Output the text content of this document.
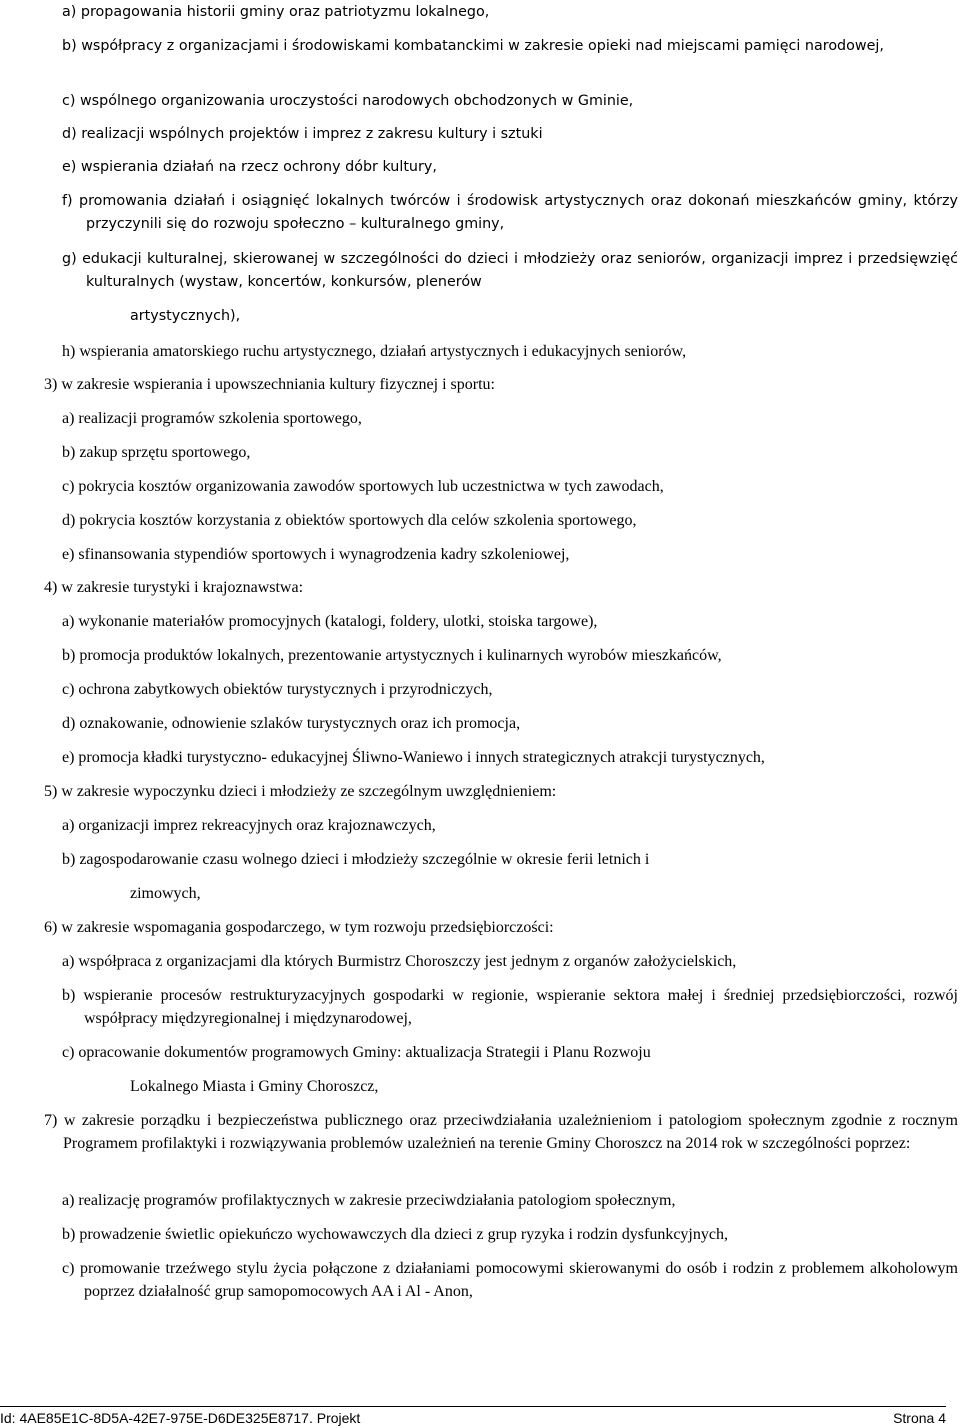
a) propagowania historii gminy oraz patriotyzmu lokalnego,

b) współpracy z organizacjami i środowiskami kombatanckimi w zakresie opieki nad miejscami pamięci narodowej,

c) wspólnego organizowania uroczystości narodowych obchodzonych w Gminie,

d) realizacji wspólnych projektów i imprez z zakresu kultury i sztuki

e) wspierania działań na rzecz ochrony dóbr kultury,

f) promowania działań i osiągnięć lokalnych twórców i środowisk artystycznych oraz dokonań mieszkańców gminy, którzy przyczynili się do rozwoju społeczno – kulturalnego gminy,

g) edukacji kulturalnej, skierowanej w szczególności do dzieci i młodzieży oraz seniorów, organizacji imprez i przedsięwzięć kulturalnych (wystaw, koncertów, konkursów, plenerów

artystycznych),

h) wspierania amatorskiego ruchu artystycznego, działań artystycznych i edukacyjnych seniorów,

3) w zakresie wspierania i upowszechniania kultury fizycznej i sportu:

a) realizacji programów szkolenia sportowego,

b) zakup sprzętu sportowego,

c) pokrycia kosztów organizowania zawodów sportowych lub uczestnictwa w tych zawodach,

d) pokrycia kosztów korzystania z obiektów sportowych dla celów szkolenia sportowego,

e) sfinansowania stypendiów sportowych i wynagrodzenia kadry szkoleniowej,

4) w zakresie turystyki i krajoznawstwa:

a) wykonanie materiałów promocyjnych (katalogi, foldery, ulotki, stoiska targowe),

b) promocja produktów lokalnych, prezentowanie artystycznych i kulinarnych wyrobów mieszkańców,

c) ochrona zabytkowych obiektów turystycznych i przyrodniczych,

d) oznakowanie, odnowienie szlaków turystycznych oraz ich promocja,

e) promocja kładki turystyczno- edukacyjnej Śliwno-Waniewo i innych strategicznych atrakcji turystycznych,

5) w zakresie wypoczynku dzieci i młodzieży ze szczególnym uwzględnieniem:

a) organizacji imprez rekreacyjnych oraz krajoznawczych,

b) zagospodarowanie czasu wolnego dzieci i młodzieży szczególnie w okresie ferii letnich i

zimowych,

6) w zakresie wspomagania gospodarczego, w tym rozwoju przedsiębiorczości:

a) współpraca z organizacjami dla których Burmistrz Choroszczy jest jednym z organów założycielskich,

b) wspieranie procesów restrukturyzacyjnych gospodarki w regionie, wspieranie sektora małej i średniej przedsiębiorczości, rozwój współpracy międzyregionalnej i międzynarodowej,

c) opracowanie dokumentów programowych Gminy: aktualizacja Strategii i Planu Rozwoju

Lokalnego Miasta i Gminy Choroszcz,

7) w zakresie porządku i bezpieczeństwa publicznego oraz przeciwdziałania uzależnieniom i patologiom społecznym zgodnie z rocznym Programem profilaktyki i rozwiązywania problemów uzależnień na terenie Gminy Choroszcz na 2014 rok w szczególności poprzez:

a) realizację programów profilaktycznych w zakresie przeciwdziałania patologiom społecznym,

b) prowadzenie świetlic opiekuńczo wychowawczych dla dzieci z grup ryzyka i rodzin dysfunkcyjnych,

c) promowanie trzeźwego stylu życia połączone z działaniami pomocowymi skierowanymi do osób i rodzin z problemem alkoholowym poprzez działalność grup samopomocowych AA i Al - Anon,

Id: 4AE85E1C-8D5A-42E7-975E-D6DE325E8717. Projekt	Strona 4
